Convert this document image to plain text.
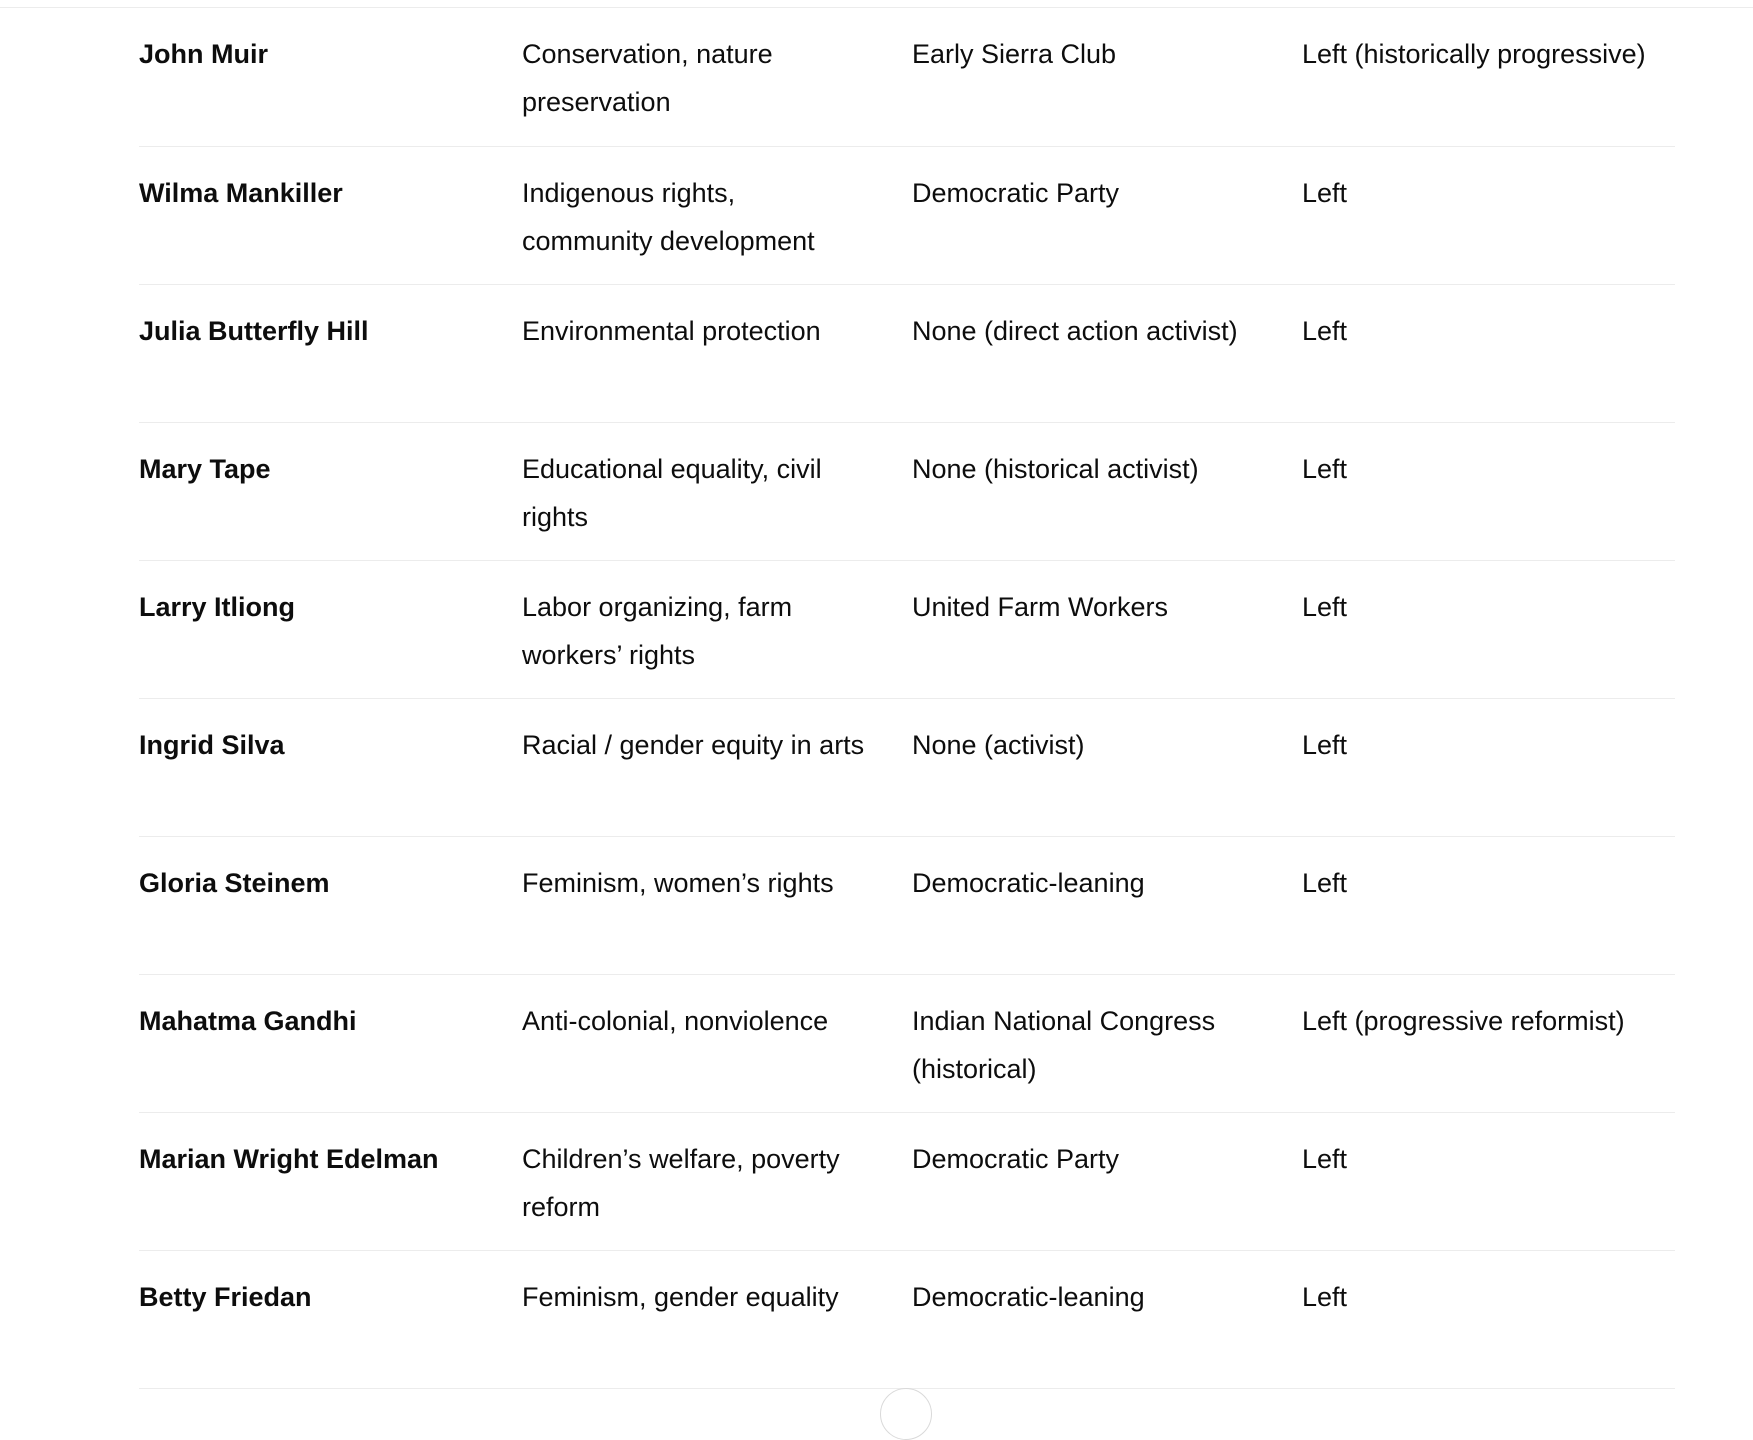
John Muir	Conservation, nature preservation	Early Sierra Club	Left (historically progressive)

Wilma Mankiller	Indigenous rights, community development	Democratic Party	Left

Julia Butterfly Hill	Environmental protection	None (direct action activist)	Left

Mary Tape	Educational equality, civil rights	None (historical activist)	Left

Larry Itliong	Labor organizing, farm workers’ rights	United Farm Workers	Left

Ingrid Silva	Racial / gender equity in arts	None (activist)	Left

Gloria Steinem	Feminism, women’s rights	Democratic-leaning	Left

Mahatma Gandhi	Anti-colonial, nonviolence	Indian National Congress (historical)	Left (progressive reformist)

Marian Wright Edelman	Children’s welfare, poverty reform	Democratic Party	Left

Betty Friedan	Feminism, gender equality	Democratic-leaning	Left
